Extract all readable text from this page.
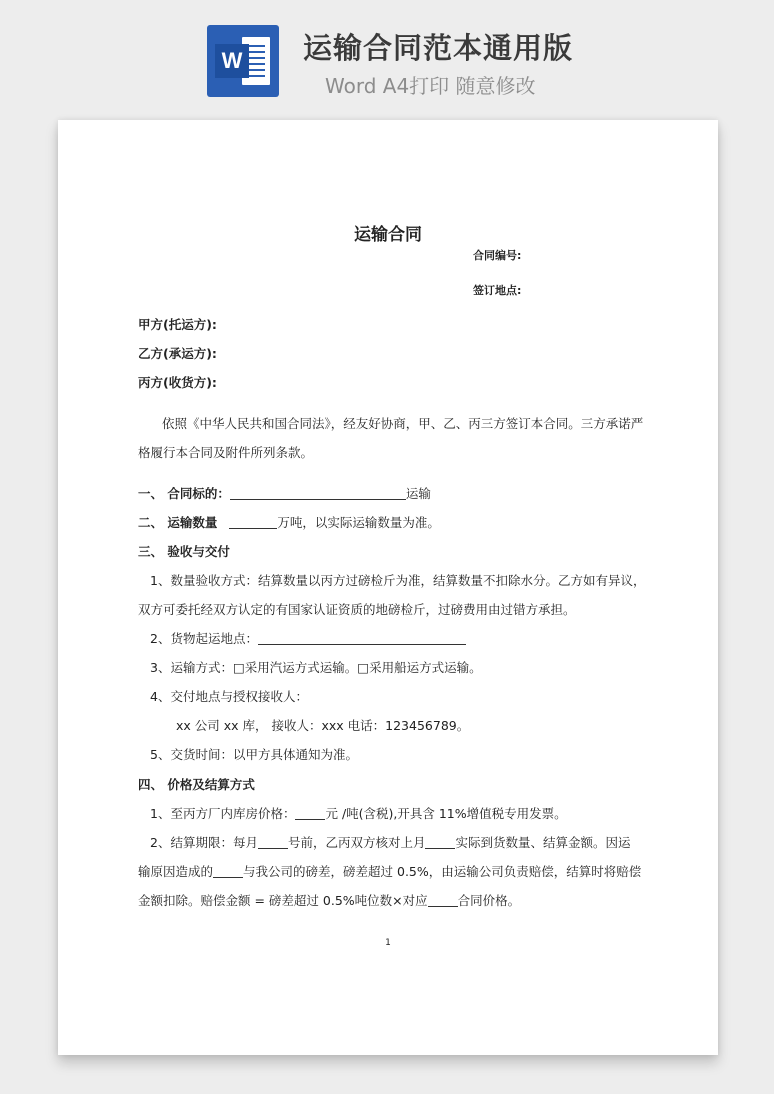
W 运输合同范本通用版
Word A4打印 随意修改
运输合同
合同编号:
签订地点:
甲方(托运方):
乙方(承运方):
丙方(收货方):
依照《中华人民共和国合同法》，经友好协商，甲、乙、丙三方签订本合同。三方承诺严
格履行本合同及附件所列条款。
一、 合同标的：	运输
二、 运输数量	万吨，以实际运输数量为准。
三、 验收与交付
1、数量验收方式：结算数量以丙方过磅检斤为准，结算数量不扣除水分。乙方如有异议，
双方可委托经双方认定的有国家认证资质的地磅检斤，过磅费用由过错方承担。
2、货物起运地点：
3、运输方式：□采用汽运方式运输。□采用船运方式运输。
4、交付地点与授权接收人：
xx 公司 xx 库， 接收人：xxx 电话：123456789。
5、交货时间：以甲方具体通知为准。
四、 价格及结算方式
1、至丙方厂内库房价格： 元 /吨(含税),开具含 11%增值税专用发票。
2、结算期限：每月 号前，乙丙双方核对上月 实际到货数量、结算金额。因运
输原因造成的 与我公司的磅差，磅差超过 0.5%，由运输公司负责赔偿，结算时将赔偿
金额扣除。赔偿金额 = 磅差超过 0.5%吨位数×对应 合同价格。
1
